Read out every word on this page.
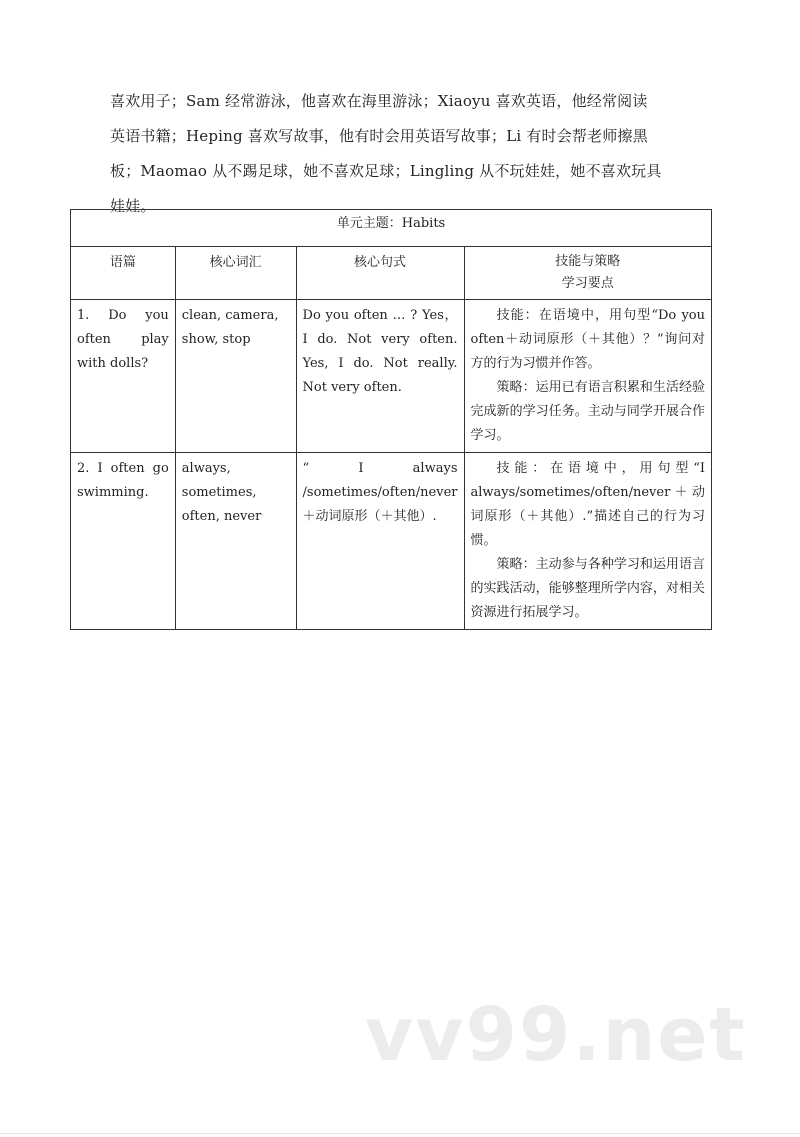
喜欢用子；Sam 经常游泳，他喜欢在海里游泳；Xiaoyu 喜欢英语，他经常阅读

英语书籍；Heping 喜欢写故事，他有时会用英语写故事；Li 有时会帮老师擦黑

板；Maomao 从不踢足球，她不喜欢足球；Lingling 从不玩娃娃，她不喜欢玩具

娃娃。

单元主题：Habits			
语篇	核心词汇	核心句式	技能与策略
学习要点

1. Do you often play with dolls?	clean, camera, show, stop	Do you often … ? Yes，I do. Not very often. Yes, I do. Not really. Not very often.	技能：在语境中，用句型“Do you often＋动词原形（＋其他）？”询问对方的行为习惯并作答。

策略：运用已有语言积累和生活经验完成新的学习任务。主动与同学开展合作学习。

2. I often go swimming.	always, sometimes, often, never	“ I always /sometimes/often/never ＋动词原形（＋其他）.	技能：在语境中，用句型“I always/sometimes/often/never＋动词原形（＋其他）.”描述自己的行为习惯。

策略：主动参与各种学习和运用语言的实践活动，能够整理所学内容，对相关资源进行拓展学习。

vv99.net
